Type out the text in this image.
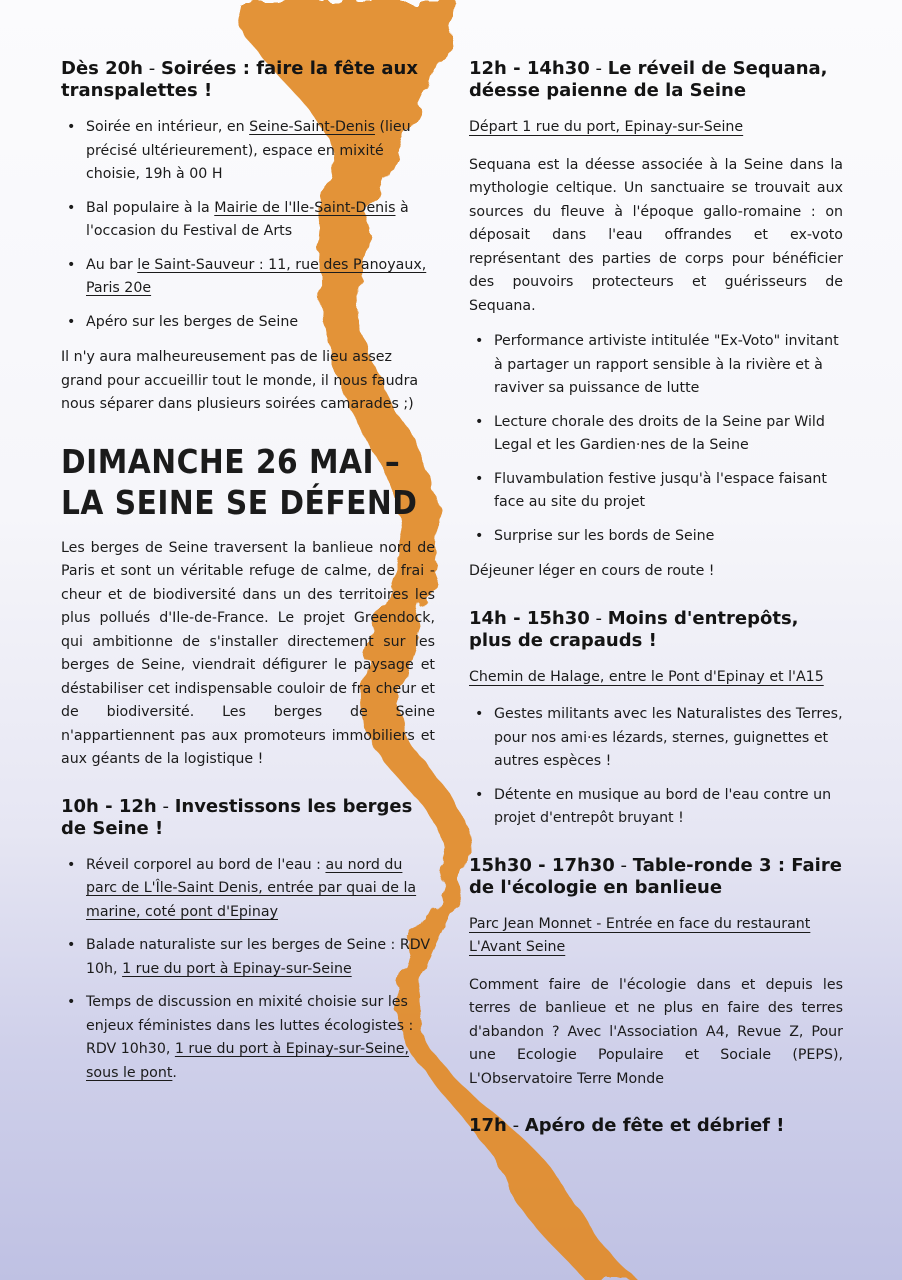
Dès 20h - Soirées : faire la fête aux transpalettes !
• Soirée en intérieur, en Seine-Saint-Denis (lieu précisé ultérieurement), espace en mixité choisie, 19h à 00 H
• Bal populaire à la Mairie de l'Ile-Saint-Denis à l'occasion du Festival de Arts
• Au bar le Saint-Sauveur : 11, rue des Panoyaux, Paris 20e
• Apéro sur les berges de Seine

Il n'y aura malheureusement pas de lieu assez grand pour accueillir tout le monde, il nous faudra nous séparer dans plusieurs soirées camarades ;)

DIMANCHE 26 MAI – LA SEINE SE DÉFEND

Les berges de Seine traversent la banlieue nord de Paris et sont un véritable refuge de calme, de frai - cheur et de biodiversité dans un des territoires les plus pollués d'Ile-de-France. Le projet Greendock, qui ambitionne de s'installer directement sur les berges de Seine, viendrait défigurer le paysage et déstabiliser cet indispensable couloir de fra cheur et de biodiversité. Les berges de Seine n'appartiennent pas aux promoteurs immobiliers et aux géants de la logistique !

10h - 12h - Investissons les berges de Seine !
• Réveil corporel au bord de l'eau : au nord du parc de L'Île-Saint Denis, entrée par quai de la marine, coté pont d'Epinay
• Balade naturaliste sur les berges de Seine : RDV 10h, 1 rue du port à Epinay-sur-Seine
• Temps de discussion en mixité choisie sur les enjeux féministes dans les luttes écologistes : RDV 10h30, 1 rue du port à Epinay-sur-Seine, sous le pont.
12h - 14h30 - Le réveil de Sequana, déesse paienne de la Seine
Départ 1 rue du port, Epinay-sur-Seine

Sequana est la déesse associée à la Seine dans la mythologie celtique. Un sanctuaire se trouvait aux sources du fleuve à l'époque gallo-romaine : on déposait dans l'eau offrandes et ex-voto représentant des parties de corps pour bénéficier des pouvoirs protecteurs et guérisseurs de Sequana.

• Performance artiviste intitulée "Ex-Voto" invitant à partager un rapport sensible à la rivière et à raviver sa puissance de lutte
• Lecture chorale des droits de la Seine par Wild Legal et les Gardien·nes de la Seine
• Fluvambulation festive jusqu'à l'espace faisant face au site du projet
• Surprise sur les bords de Seine

Déjeuner léger en cours de route !

14h - 15h30 - Moins d'entrepôts, plus de crapauds !
Chemin de Halage, entre le Pont d'Epinay et l'A15
• Gestes militants avec les Naturalistes des Terres, pour nos ami·es lézards, sternes, guignettes et autres espèces !
• Détente en musique au bord de l'eau contre un projet d'entrepôt bruyant !
15h30 - 17h30 - Table-ronde 3 : Faire de l'écologie en banlieue
Parc Jean Monnet - Entrée en face du restaurant L'Avant Seine

Comment faire de l'écologie dans et depuis les terres de banlieue et ne plus en faire des terres d'abandon ? Avec l'Association A4, Revue Z, Pour une Ecologie Populaire et Sociale (PEPS), L'Observatoire Terre Monde

17h - Apéro de fête et débrief !
